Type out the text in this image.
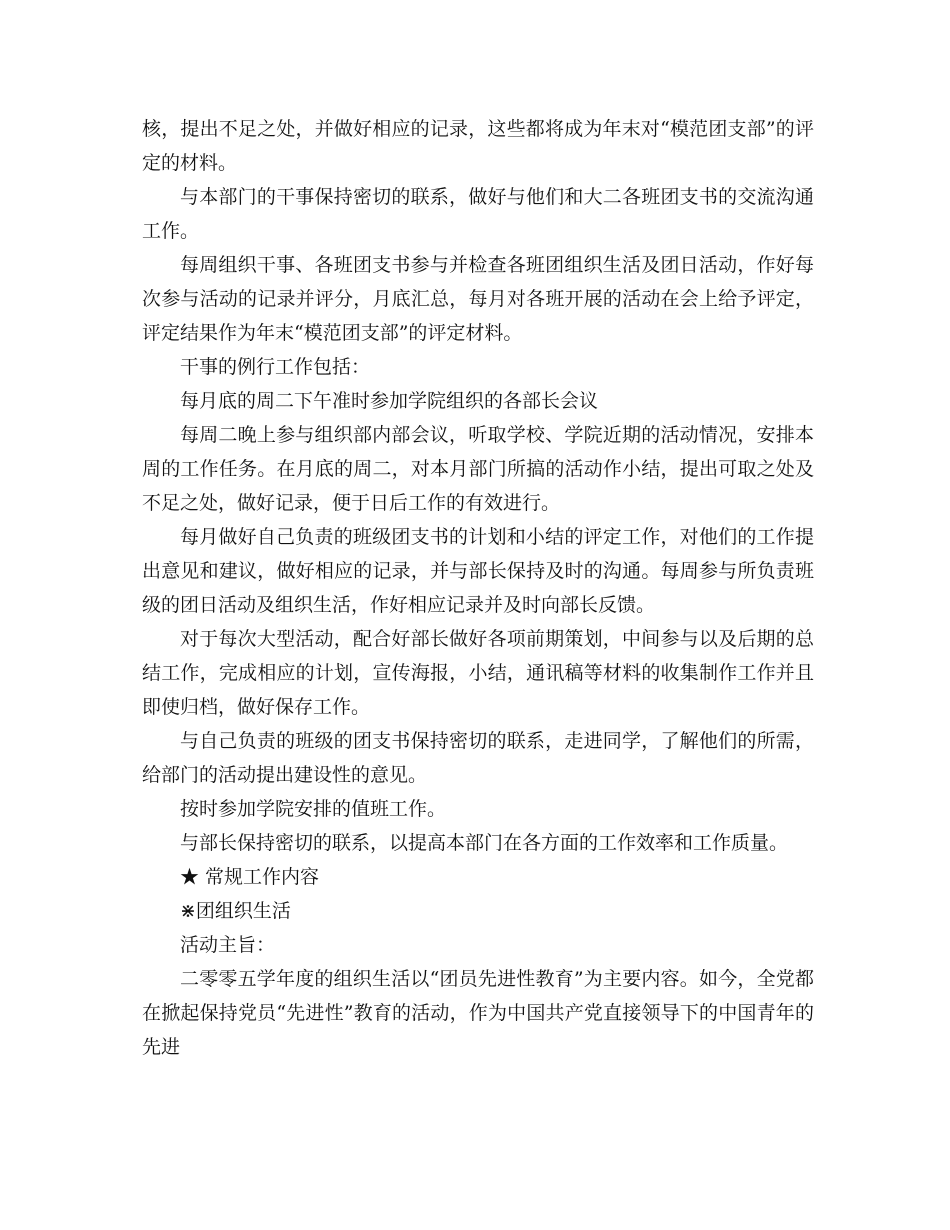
核，提出不足之处，并做好相应的记录，这些都将成为年末对“模范团支部”的评定的材料。

与本部门的干事保持密切的联系，做好与他们和大二各班团支书的交流沟通工作。

每周组织干事、各班团支书参与并检查各班团组织生活及团日活动，作好每次参与活动的记录并评分，月底汇总，每月对各班开展的活动在会上给予评定，评定结果作为年末“模范团支部”的评定材料。

干事的例行工作包括：

每月底的周二下午准时参加学院组织的各部长会议

每周二晚上参与组织部内部会议，听取学校、学院近期的活动情况，安排本周的工作任务。在月底的周二，对本月部门所搞的活动作小结，提出可取之处及不足之处，做好记录，便于日后工作的有效进行。

每月做好自己负责的班级团支书的计划和小结的评定工作，对他们的工作提出意见和建议，做好相应的记录，并与部长保持及时的沟通。每周参与所负责班级的团日活动及组织生活，作好相应记录并及时向部长反馈。

对于每次大型活动，配合好部长做好各项前期策划，中间参与以及后期的总结工作，完成相应的计划，宣传海报，小结，通讯稿等材料的收集制作工作并且即使归档，做好保存工作。

与自己负责的班级的团支书保持密切的联系，走进同学，了解他们的所需，给部门的活动提出建设性的意见。

按时参加学院安排的值班工作。

与部长保持密切的联系，以提高本部门在各方面的工作效率和工作质量。

★ 常规工作内容

⋇团组织生活

活动主旨：

二零零五学年度的组织生活以“团员先进性教育”为主要内容。如今，全党都在掀起保持党员“先进性”教育的活动，作为中国共产党直接领导下的中国青年的先进
